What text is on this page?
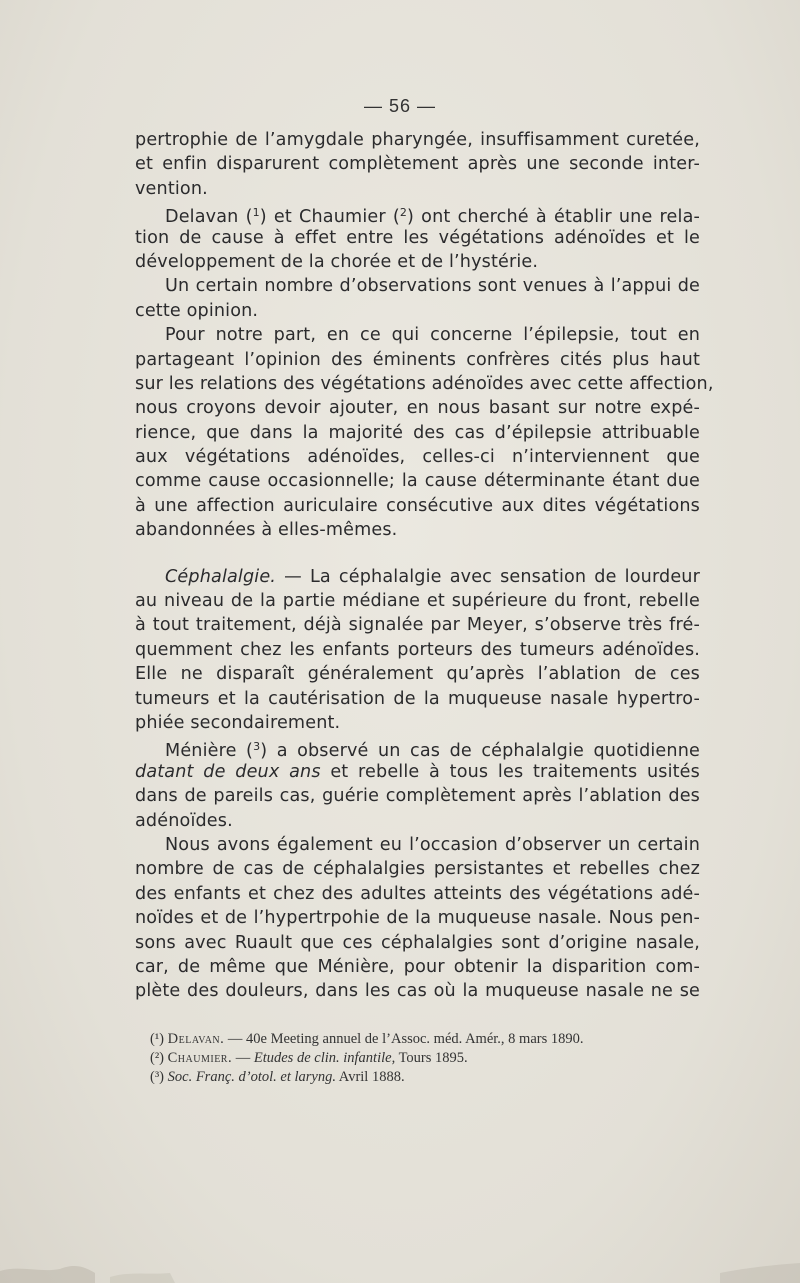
— 56 —
pertrophie de l’amygdale pharyngée, insuffisamment curetée,
et enfin disparurent complètement après une seconde inter-
vention.
Delavan ($^1$) et Chaumier ($^2$) ont cherché à établir une rela-
tion de cause à effet entre les végétations adénoïdes et le
développement de la chorée et de l’hystérie.
Un certain nombre d’observations sont venues à l’appui de
cette opinion.
Pour notre part, en ce qui concerne l’épilepsie, tout en
partageant l’opinion des éminents confrères cités plus haut
sur les relations des végétations adénoïdes avec cette affection,
nous croyons devoir ajouter, en nous basant sur notre expé-
rience, que dans la majorité des cas d’épilepsie attribuable
aux végétations adénoïdes, celles-ci n’interviennent que
comme cause occasionnelle; la cause déterminante étant due
à une affection auriculaire consécutive aux dites végétations
abandonnées à elles-mêmes.
Céphalalgie. — La céphalalgie avec sensation de lourdeur
au niveau de la partie médiane et supérieure du front, rebelle
à tout traitement, déjà signalée par Meyer, s’observe très fré-
quemment chez les enfants porteurs des tumeurs adénoïdes.
Elle ne disparaît généralement qu’après l’ablation de ces
tumeurs et la cautérisation de la muqueuse nasale hypertro-
phiée secondairement.
Ménière ($^3$) a observé un cas de céphalalgie quotidienne
datant de deux ans et rebelle à tous les traitements usités
dans de pareils cas, guérie complètement après l’ablation des
adénoïdes.
Nous avons également eu l’occasion d’observer un certain
nombre de cas de céphalalgies persistantes et rebelles chez
des enfants et chez des adultes atteints des végétations adé-
noïdes et de l’hypertrpohie de la muqueuse nasale. Nous pen-
sons avec Ruault que ces céphalalgies sont d’origine nasale,
car, de même que Ménière, pour obtenir la disparition com-
plète des douleurs, dans les cas où la muqueuse nasale ne se
(¹) Delavan. — 40e Meeting annuel de l’Assoc. méd. Amér., 8 mars 1890.
(²) Chaumier. — Etudes de clin. infantile, Tours 1895.
(³) Soc. Franç. d’otol. et laryng. Avril 1888.
